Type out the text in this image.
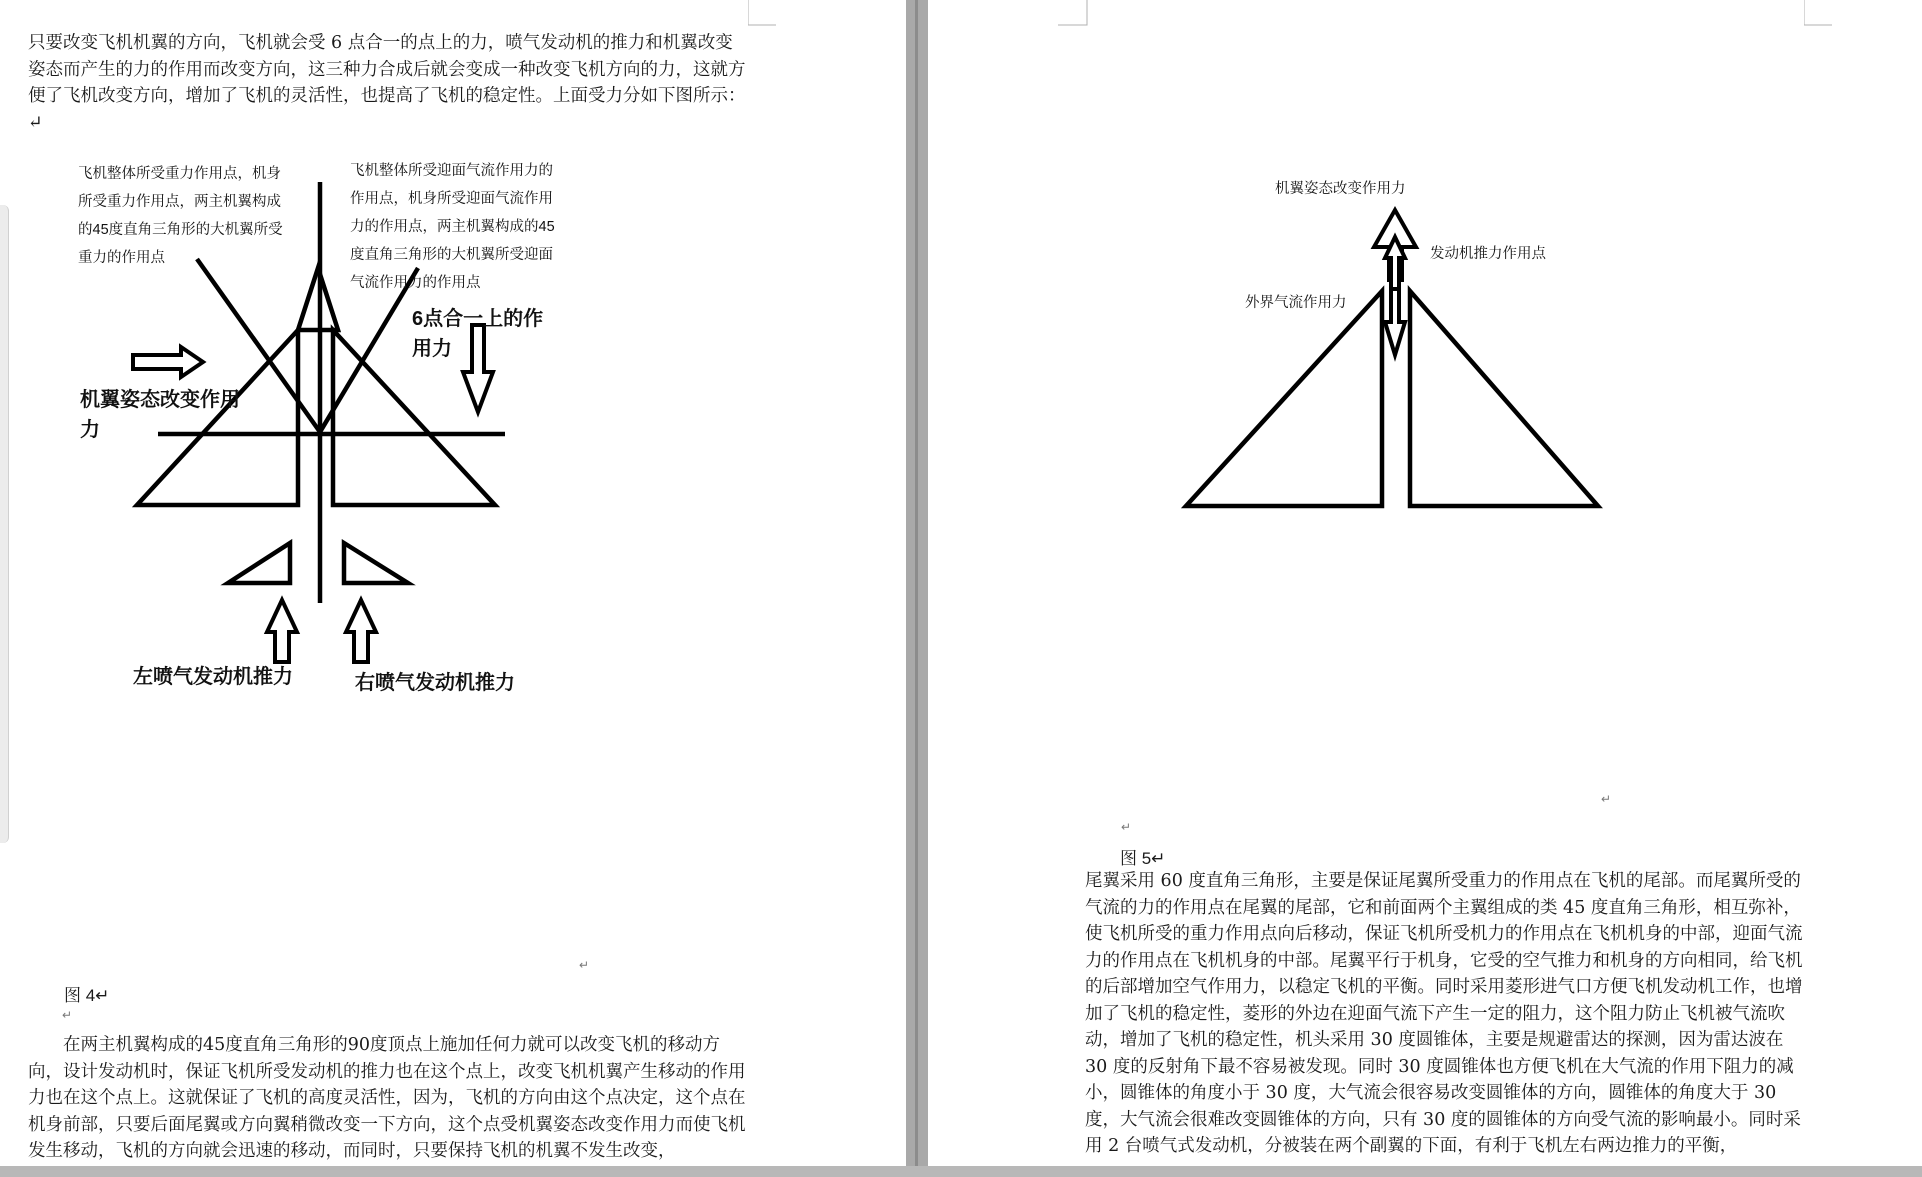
只要改变飞机机翼的方向，飞机就会受 6 点合一的点上的力，喷气发动机的推力和机翼改变姿态而产生的力的作用而改变方向，这三种力合成后就会变成一种改变飞机方向的力，这就方便了飞机改变方向，增加了飞机的灵活性，也提高了飞机的稳定性。上面受力分如下图所示：↵

飞机整体所受重力作用点，机身所受重力作用点，两主机翼构成的45度直角三角形的大机翼所受重力的作用点
飞机整体所受迎面气流作用力的作用点，机身所受迎面气流作用力的作用点，两主机翼构成的45度直角三角形的大机翼所受迎面气流作用力的作用点
6点合一上的作用力
机翼姿态改变作用力
左喷气发动机推力	右喷气发动机推力
↵
图 4↵
↵

在两主机翼构成的45度直角三角形的90度顶点上施加任何力就可以改变飞机的移动方向，设计发动机时，保证飞机所受发动机的推力也在这个点上，改变飞机机翼产生移动的作用力也在这个点上。这就保证了飞机的高度灵活性，因为，飞机的方向由这个点决定，这个点在机身前部，只要后面尾翼或方向翼稍微改变一下方向，这个点受机翼姿态改变作用力而使飞机发生移动，飞机的方向就会迅速的移动，而同时，只要保持飞机的机翼不发生改变，

机翼姿态改变作用力
发动机推力作用点
外界气流作用力
↵
↵
图 5↵

尾翼采用 60 度直角三角形，主要是保证尾翼所受重力的作用点在飞机的尾部。而尾翼所受的气流的力的作用点在尾翼的尾部，它和前面两个主翼组成的类 45 度直角三角形，相互弥补，使飞机所受的重力作用点向后移动，保证飞机所受机力的作用点在飞机机身的中部，迎面气流力的作用点在飞机机身的中部。尾翼平行于机身，它受的空气推力和机身的方向相同，给飞机的后部增加空气作用力，以稳定飞机的平衡。同时采用菱形进气口方便飞机发动机工作，也增加了飞机的稳定性，菱形的外边在迎面气流下产生一定的阻力，这个阻力防止飞机被气流吹动，增加了飞机的稳定性，机头采用 30 度圆锥体，主要是规避雷达的探测，因为雷达波在 30 度的反射角下最不容易被发现。同时 30 度圆锥体也方便飞机在大气流的作用下阻力的减小，圆锥体的角度小于 30 度，大气流会很容易改变圆锥体的方向，圆锥体的角度大于 30 度，大气流会很难改变圆锥体的方向，只有 30 度的圆锥体的方向受气流的影响最小。同时采用 2 台喷气式发动机，分被装在两个副翼的下面，有利于飞机左右两边推力的平衡，
